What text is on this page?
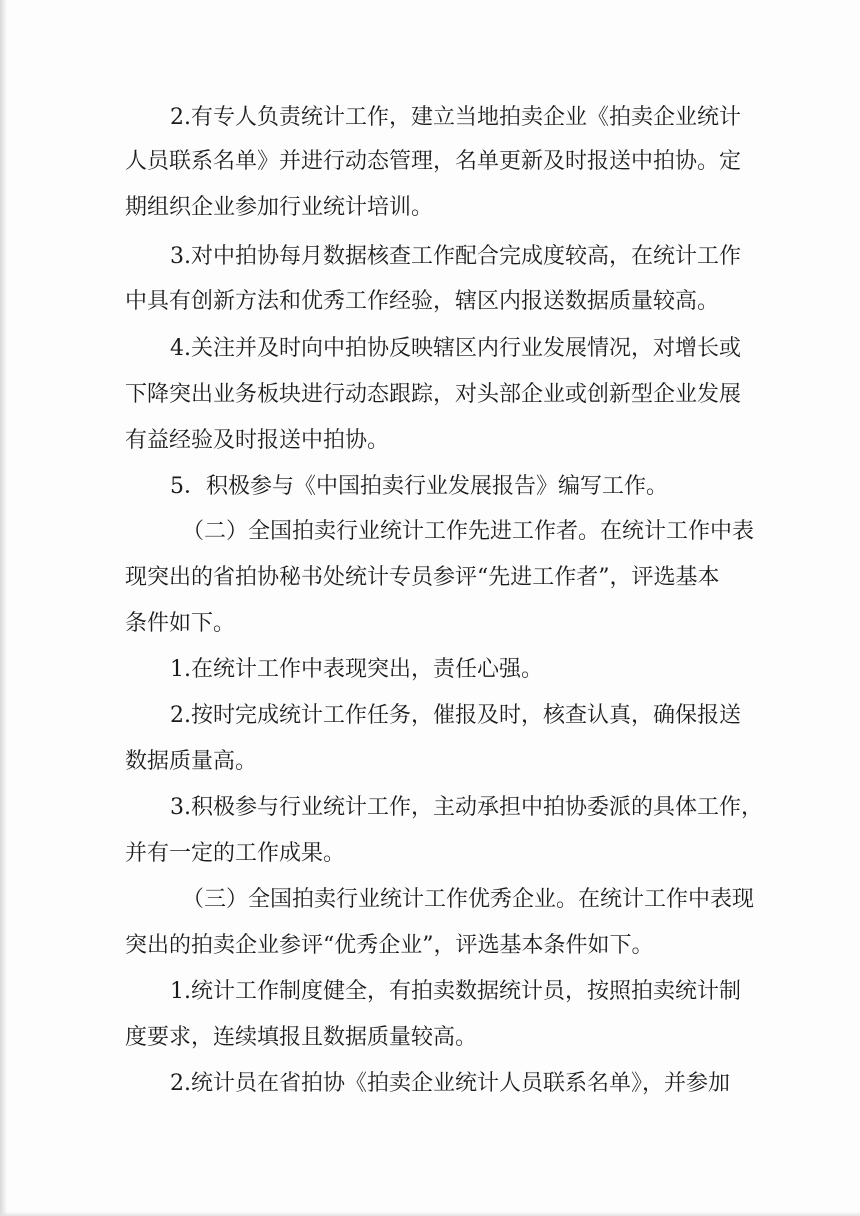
2.有专人负责统计工作，建立当地拍卖企业《拍卖企业统计

人员联系名单》并进行动态管理，名单更新及时报送中拍协。定

期组织企业参加行业统计培训。

3.对中拍协每月数据核查工作配合完成度较高，在统计工作

中具有创新方法和优秀工作经验，辖区内报送数据质量较高。

4.关注并及时向中拍协反映辖区内行业发展情况，对增长或

下降突出业务板块进行动态跟踪，对头部企业或创新型企业发展

有益经验及时报送中拍协。

5．积极参与《中国拍卖行业发展报告》编写工作。

（二）全国拍卖行业统计工作先进工作者。在统计工作中表

现突出的省拍协秘书处统计专员参评“先进工作者”，评选基本

条件如下。

1.在统计工作中表现突出，责任心强。

2.按时完成统计工作任务，催报及时，核查认真，确保报送

数据质量高。

3.积极参与行业统计工作，主动承担中拍协委派的具体工作，

并有一定的工作成果。

（三）全国拍卖行业统计工作优秀企业。在统计工作中表现

突出的拍卖企业参评“优秀企业”，评选基本条件如下。

1.统计工作制度健全，有拍卖数据统计员，按照拍卖统计制

度要求，连续填报且数据质量较高。

2.统计员在省拍协《拍卖企业统计人员联系名单》，并参加
